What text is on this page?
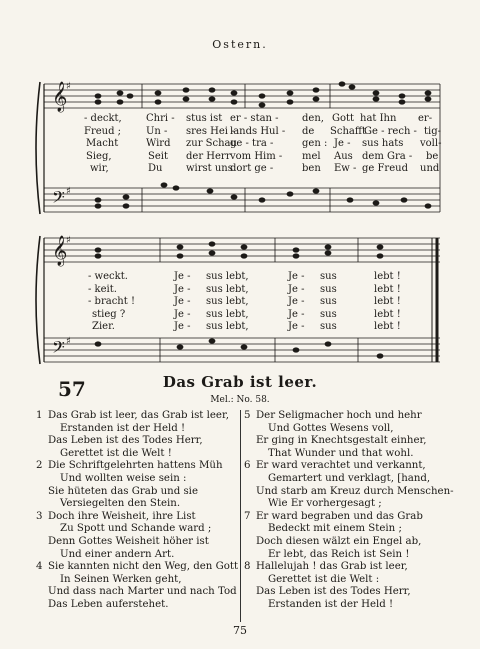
Ostern.
𝄞
𝄢
𝄞
𝄢
♯
♯
♯
♯
- deckt, Chri - stus ist er - stan - den, Gott hat Ihn er-
Freud ; Un - sres Hei -
lands Hul - de Schafft
Ge - rech - tig-
Macht	Wird zur Schau
ge - tra -	gen : Je - sus hats voll-
Sieg,	Seit der Herr vom Him - mel Aus dem Gra - be
wir,	Du wirst uns
dort ge -	ben Ew - ge Freud und
- weckt.	Je - sus lebt,	Je - sus	lebt !
- keit.	Je - sus lebt,	Je - sus	lebt !
- bracht !	Je - sus lebt,	Je - sus	lebt !
stieg ?	Je - sus lebt,	Je - sus	lebt !
Zier.	Je - sus lebt,	Je - sus	lebt !
57	Das Grab ist leer.
Mel.: No. 58.
1 Das Grab ist leer, das Grab ist leer,
Erstanden ist der Held !
Das Leben ist des Todes Herr,
Gerettet ist die Welt !
2 Die Schriftgelehrten hattens Müh
Und wollten weise sein :
Sie hüteten das Grab und sie
Versiegelten den Stein.
3 Doch ihre Weisheit, ihre List
Zu Spott und Schande ward ;
Denn Gottes Weisheit höher ist
Und einer andern Art.
4 Sie kannten nicht den Weg, den Gott
In Seinen Werken geht,
Und dass nach Marter und nach Tod
Das Leben auferstehet.
5 Der Seligmacher hoch und hehr
Und Gottes Wesens voll,
Er ging in Knechtsgestalt einher,
That Wunder und that wohl.
6 Er ward verachtet und verkannt,
Gemartert und verklagt, [hand,
Und starb am Kreuz durch Menschen-
Wie Er vorhergesagt ;
7 Er ward begraben und das Grab
Bedeckt mit einem Stein ;
Doch diesen wälzt ein Engel ab,
Er lebt, das Reich ist Sein !
8 Hallelujah ! das Grab ist leer,
Gerettet ist die Welt :
Das Leben ist des Todes Herr,
Erstanden ist der Held !
75
